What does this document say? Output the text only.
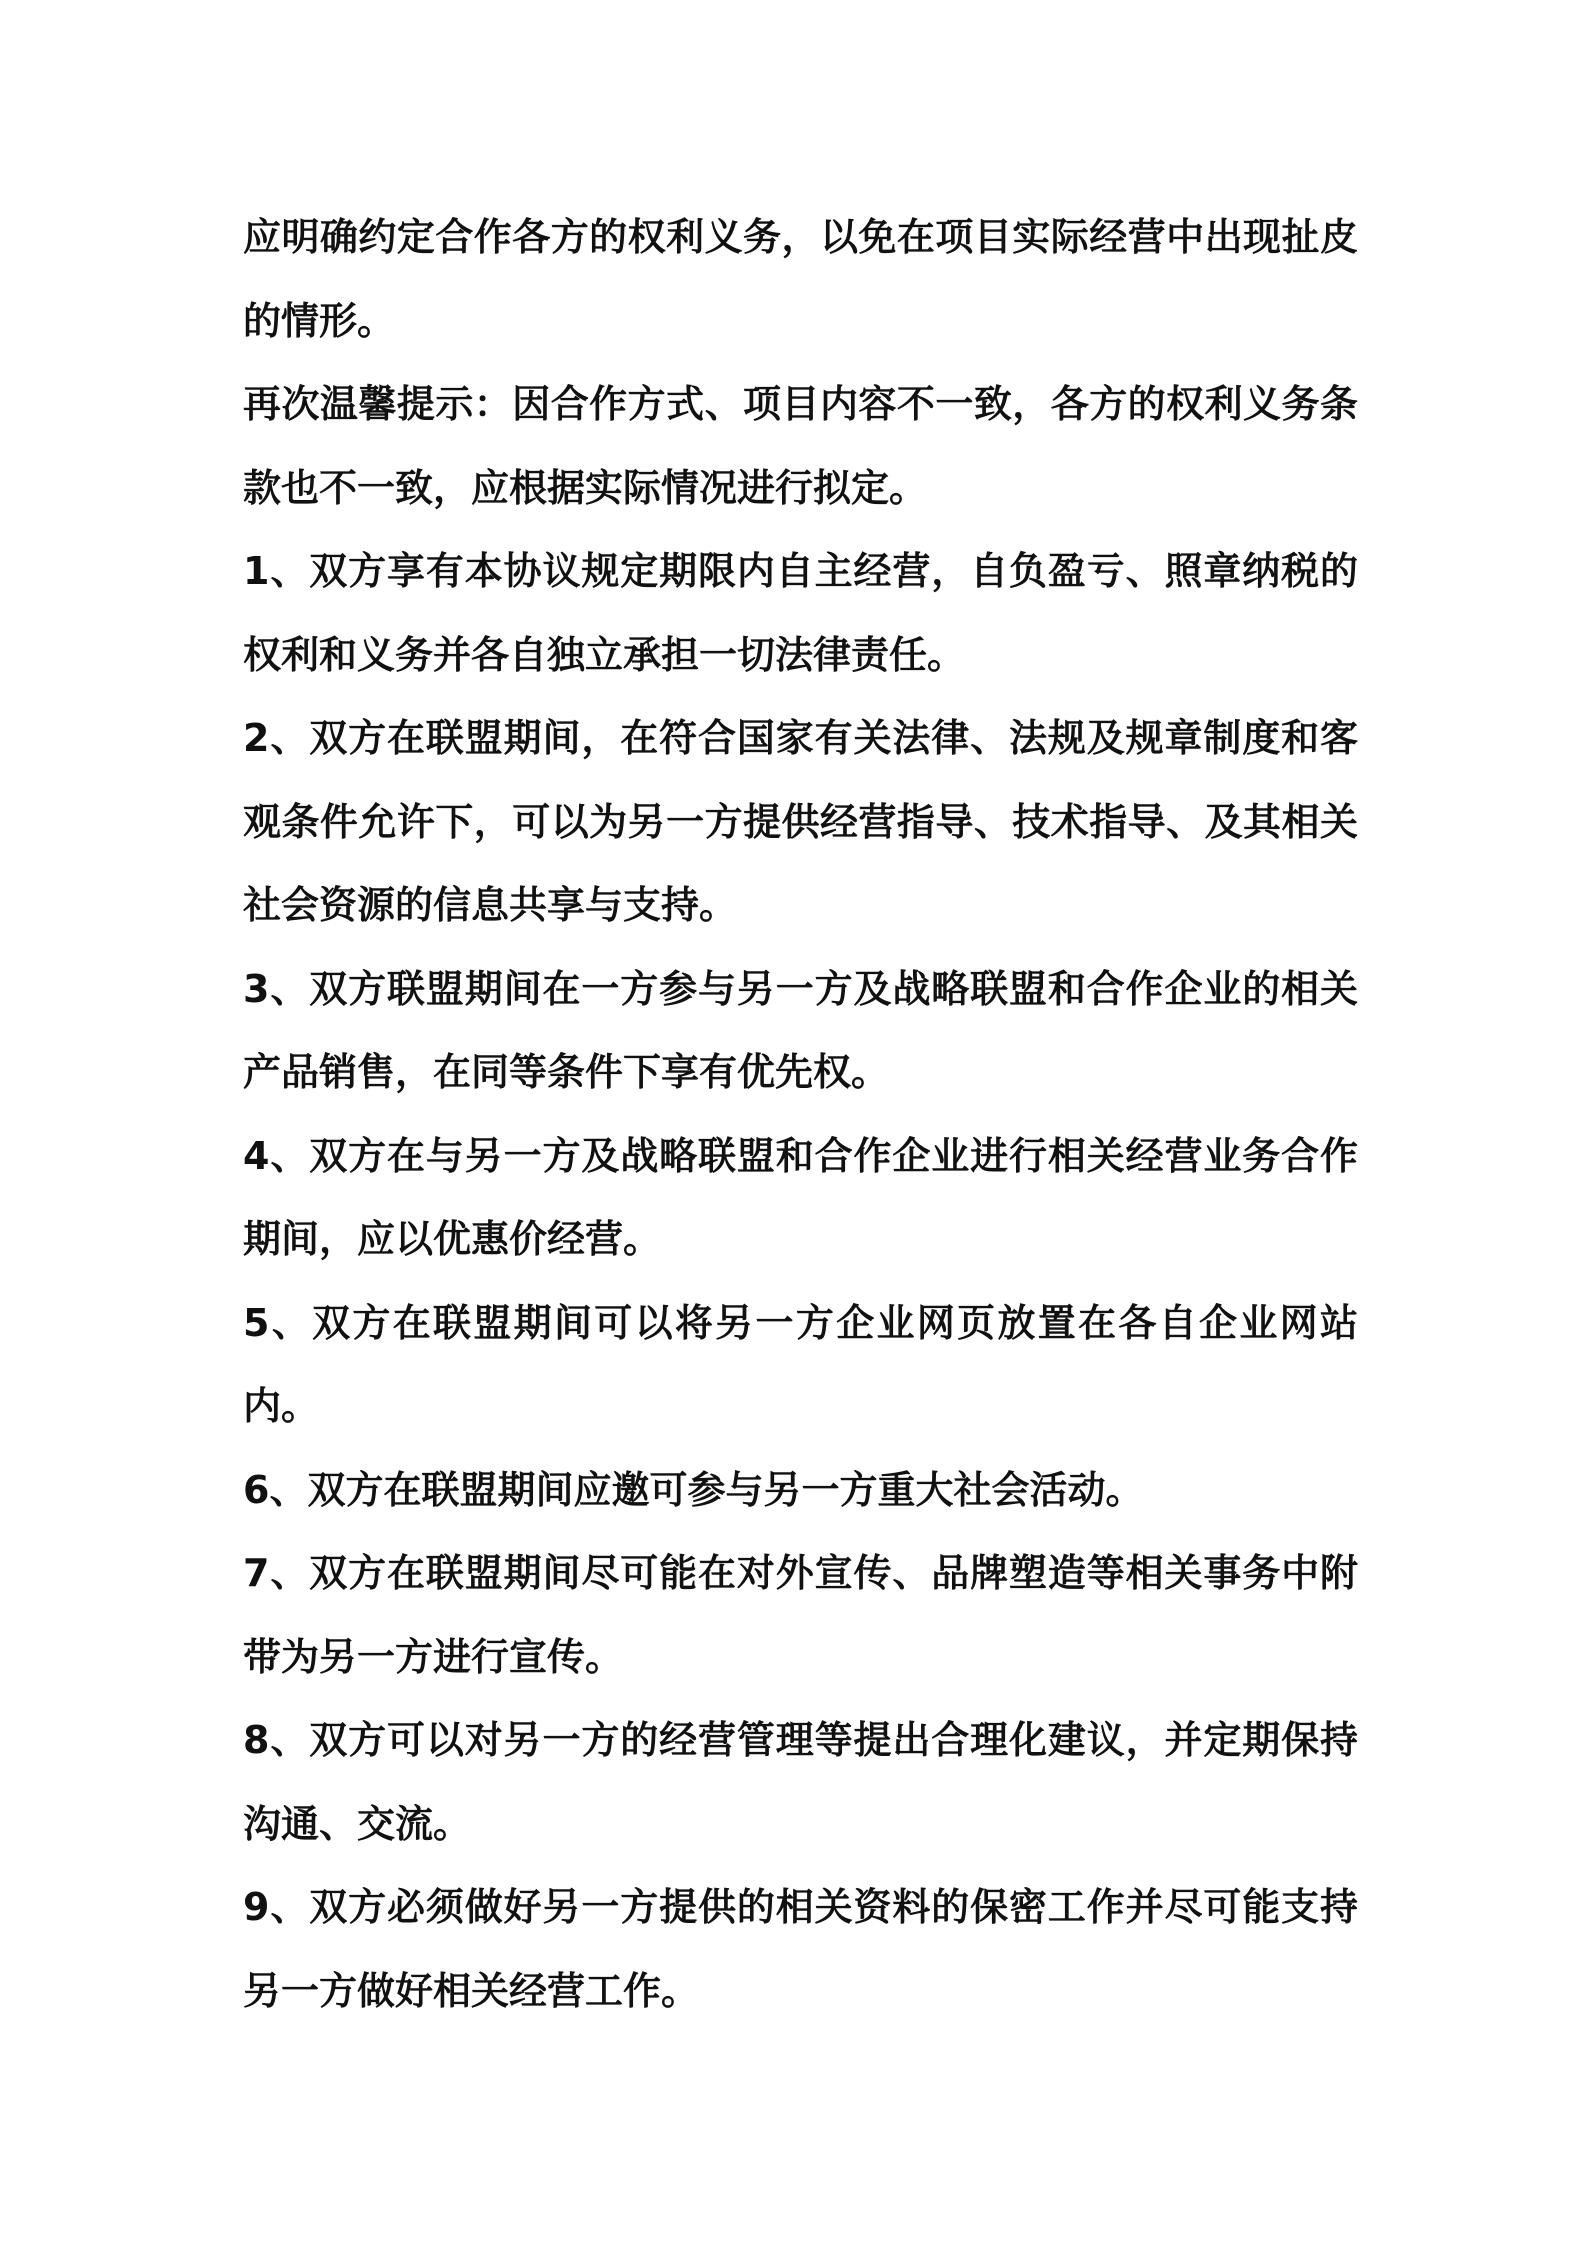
应明确约定合作各方的权利义务，以免在项目实际经营中出现扯皮的情形。

再次温馨提示：因合作方式、项目内容不一致，各方的权利义务条款也不一致，应根据实际情况进行拟定。

1、双方享有本协议规定期限内自主经营，自负盈亏、照章纳税的权利和义务并各自独立承担一切法律责任。

2、双方在联盟期间，在符合国家有关法律、法规及规章制度和客观条件允许下，可以为另一方提供经营指导、技术指导、及其相关社会资源的信息共享与支持。

3、双方联盟期间在一方参与另一方及战略联盟和合作企业的相关产品销售，在同等条件下享有优先权。

4、双方在与另一方及战略联盟和合作企业进行相关经营业务合作期间，应以优惠价经营。

5、双方在联盟期间可以将另一方企业网页放置在各自企业网站内。

6、双方在联盟期间应邀可参与另一方重大社会活动。

7、双方在联盟期间尽可能在对外宣传、品牌塑造等相关事务中附带为另一方进行宣传。

8、双方可以对另一方的经营管理等提出合理化建议，并定期保持沟通、交流。

9、双方必须做好另一方提供的相关资料的保密工作并尽可能支持另一方做好相关经营工作。
